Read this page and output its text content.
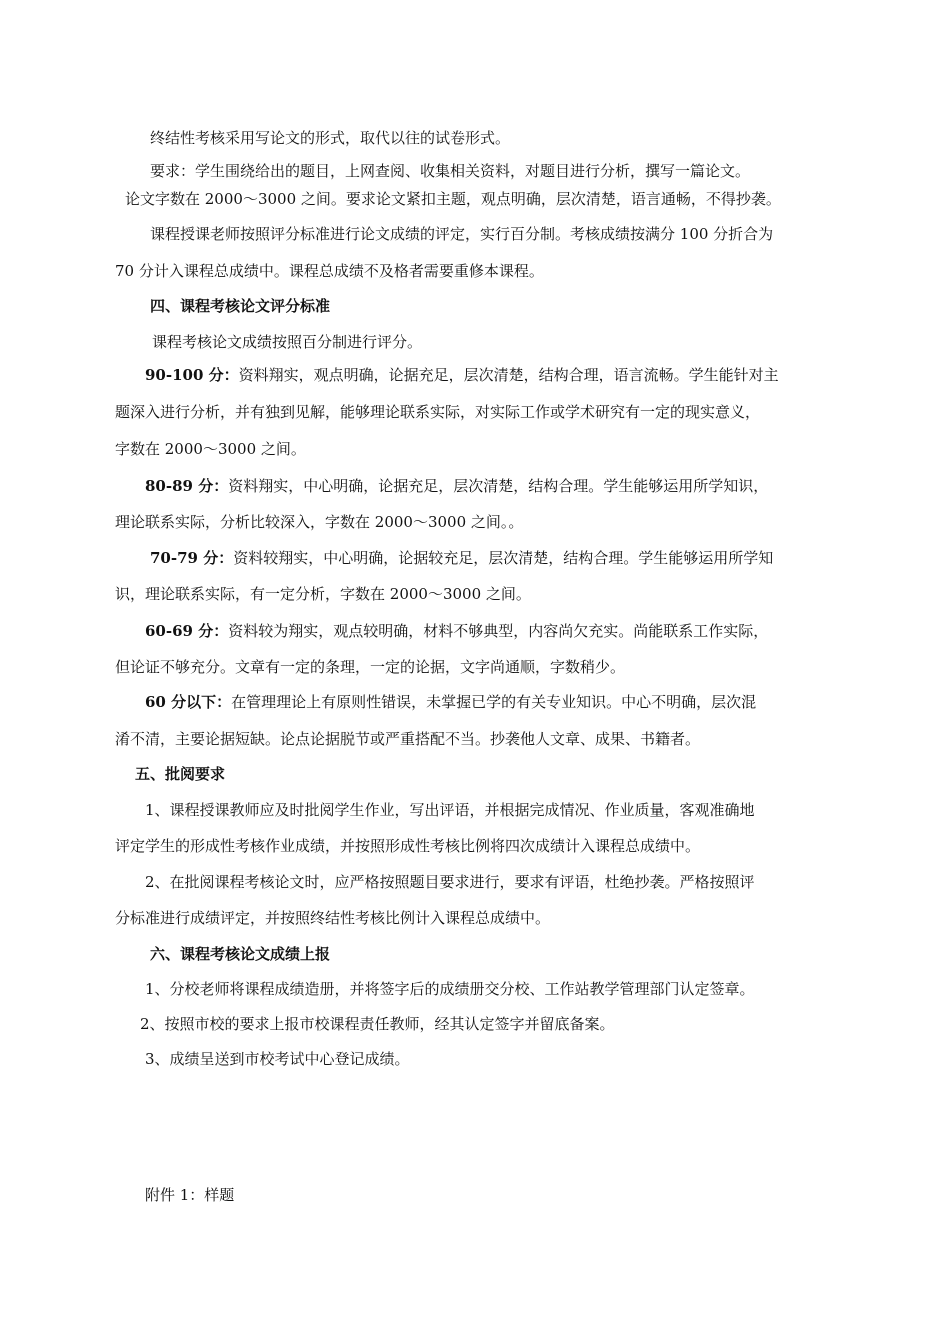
终结性考核采用写论文的形式，取代以往的试卷形式。
要求：学生围绕给出的题目，上网查阅、收集相关资料，对题目进行分析，撰写一篇论文。
论文字数在 2000～3000 之间。要求论文紧扣主题，观点明确，层次清楚，语言通畅，不得抄袭。
课程授课老师按照评分标准进行论文成绩的评定，实行百分制。考核成绩按满分 100 分折合为
70 分计入课程总成绩中。课程总成绩不及格者需要重修本课程。
四、课程考核论文评分标准
课程考核论文成绩按照百分制进行评分。
90-100 分：资料翔实，观点明确，论据充足，层次清楚，结构合理，语言流畅。学生能针对主
题深入进行分析，并有独到见解，能够理论联系实际，对实际工作或学术研究有一定的现实意义，
字数在 2000～3000 之间。
80-89 分：资料翔实，中心明确，论据充足，层次清楚，结构合理。学生能够运用所学知识，
理论联系实际，分析比较深入，字数在 2000～3000 之间。。
70-79 分：资料较翔实，中心明确，论据较充足，层次清楚，结构合理。学生能够运用所学知
识，理论联系实际，有一定分析，字数在 2000～3000 之间。
60-69 分：资料较为翔实，观点较明确，材料不够典型，内容尚欠充实。尚能联系工作实际，
但论证不够充分。文章有一定的条理，一定的论据，文字尚通顺，字数稍少。
60 分以下：在管理理论上有原则性错误，未掌握已学的有关专业知识。中心不明确，层次混
淆不清，主要论据短缺。论点论据脱节或严重搭配不当。抄袭他人文章、成果、书籍者。
五、批阅要求
1、课程授课教师应及时批阅学生作业，写出评语，并根据完成情况、作业质量，客观准确地
评定学生的形成性考核作业成绩，并按照形成性考核比例将四次成绩计入课程总成绩中。
2、在批阅课程考核论文时，应严格按照题目要求进行，要求有评语，杜绝抄袭。严格按照评
分标准进行成绩评定，并按照终结性考核比例计入课程总成绩中。
六、课程考核论文成绩上报
1、分校老师将课程成绩造册，并将签字后的成绩册交分校、工作站教学管理部门认定签章。
2、按照市校的要求上报市校课程责任教师，经其认定签字并留底备案。
3、成绩呈送到市校考试中心登记成绩。
附件 1：样题
